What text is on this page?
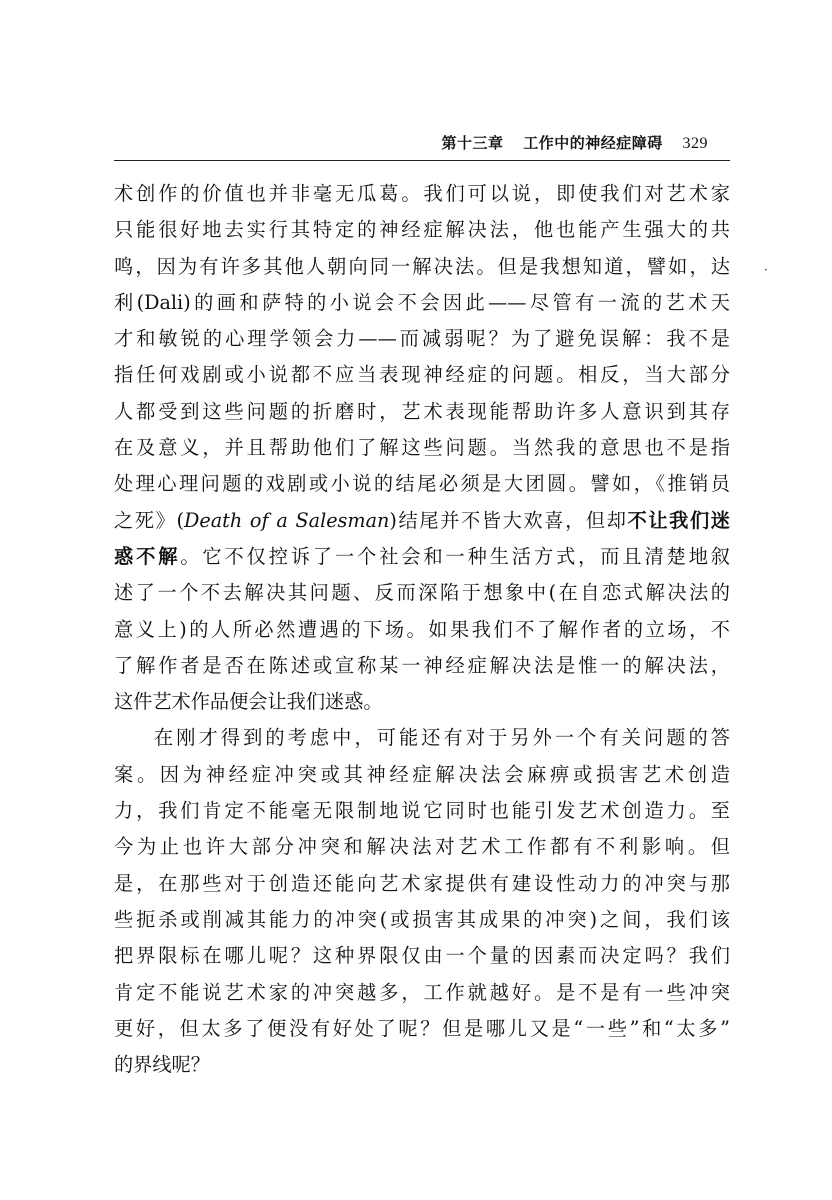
第十三章 工作中的神经症障碍 329
·
术创作的价值也并非毫无瓜葛。我们可以说，即使我们对艺术家
只能很好地去实行其特定的神经症解决法，他也能产生强大的共
鸣，因为有许多其他人朝向同一解决法。但是我想知道，譬如，达
利(Dali)的画和萨特的小说会不会因此——尽管有一流的艺术天
才和敏锐的心理学领会力——而减弱呢？为了避免误解：我不是
指任何戏剧或小说都不应当表现神经症的问题。相反，当大部分
人都受到这些问题的折磨时，艺术表现能帮助许多人意识到其存
在及意义，并且帮助他们了解这些问题。当然我的意思也不是指
处理心理问题的戏剧或小说的结尾必须是大团圆。譬如，《推销员
之死》(Death of a Salesman)结尾并不皆大欢喜，但却不让我们迷
惑不解。它不仅控诉了一个社会和一种生活方式，而且清楚地叙
述了一个不去解决其问题、反而深陷于想象中(在自恋式解决法的
意义上)的人所必然遭遇的下场。如果我们不了解作者的立场，不
了解作者是否在陈述或宣称某一神经症解决法是惟一的解决法，
这件艺术作品便会让我们迷惑。
在刚才得到的考虑中，可能还有对于另外一个有关问题的答
案。因为神经症冲突或其神经症解决法会麻痹或损害艺术创造
力，我们肯定不能毫无限制地说它同时也能引发艺术创造力。至
今为止也许大部分冲突和解决法对艺术工作都有不利影响。但
是，在那些对于创造还能向艺术家提供有建设性动力的冲突与那
些扼杀或削减其能力的冲突(或损害其成果的冲突)之间，我们该
把界限标在哪儿呢？这种界限仅由一个量的因素而决定吗？我们
肯定不能说艺术家的冲突越多，工作就越好。是不是有一些冲突
更好，但太多了便没有好处了呢？但是哪儿又是“一些”和“太多”
的界线呢？
